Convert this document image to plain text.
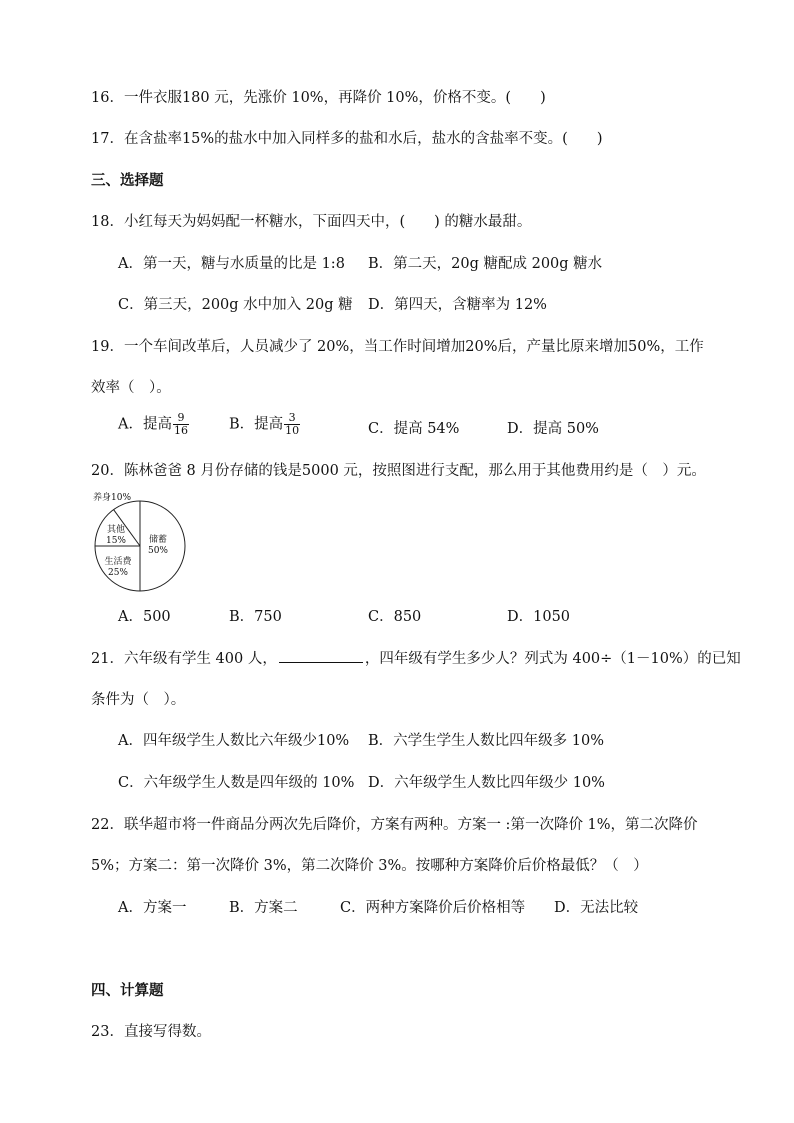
16．一件衣服180 元，先涨价 10%，再降价 10%，价格不变。(　　)
17．在含盐率15%的盐水中加入同样多的盐和水后，盐水的含盐率不变。(　　)
三、选择题
18．小红每天为妈妈配一杯糖水，下面四天中，(　　) 的糖水最甜。
A．第一天，糖与水质量的比是 1:8 B．第二天，20g 糖配成 200g 糖水
C．第三天，200g 水中加入 20g 糖 D．第四天，含糖率为 12%
19．一个车间改革后，人员减少了 20%，当工作时间增加20%后，产量比原来增加50%，工作
效率（　）。
A．提高 $\frac{9}{16}$	B．提高 $\frac{3}{10}$	C．提高 54%	D．提高 50%
20．陈林爸爸 8 月份存储的钱是5000 元，按照图进行支配，那么用于其他费用约是（　）元。
储蓄 50%
生活费 25%
其他 15%
养身10%
A．500	B．750	C．850	D．1050
21．六年级有学生 400 人，	，四年级有学生多少人？列式为 400÷（1－10%）的已知
条件为（　）。
A．四年级学生人数比六年级少10% B．六学生学生人数比四年级多 10%
C．六年级学生人数是四年级的 10% D．六年级学生人数比四年级少 10%
22．联华超市将一件商品分两次先后降价，方案有两种。方案一 :第一次降价 1%，第二次降价
5%；方案二：第一次降价 3%，第二次降价 3%。按哪种方案降价后价格最低？（　）
A．方案一	B．方案二	C．两种方案降价后价格相等 D．无法比较
四、计算题
23．直接写得数。
